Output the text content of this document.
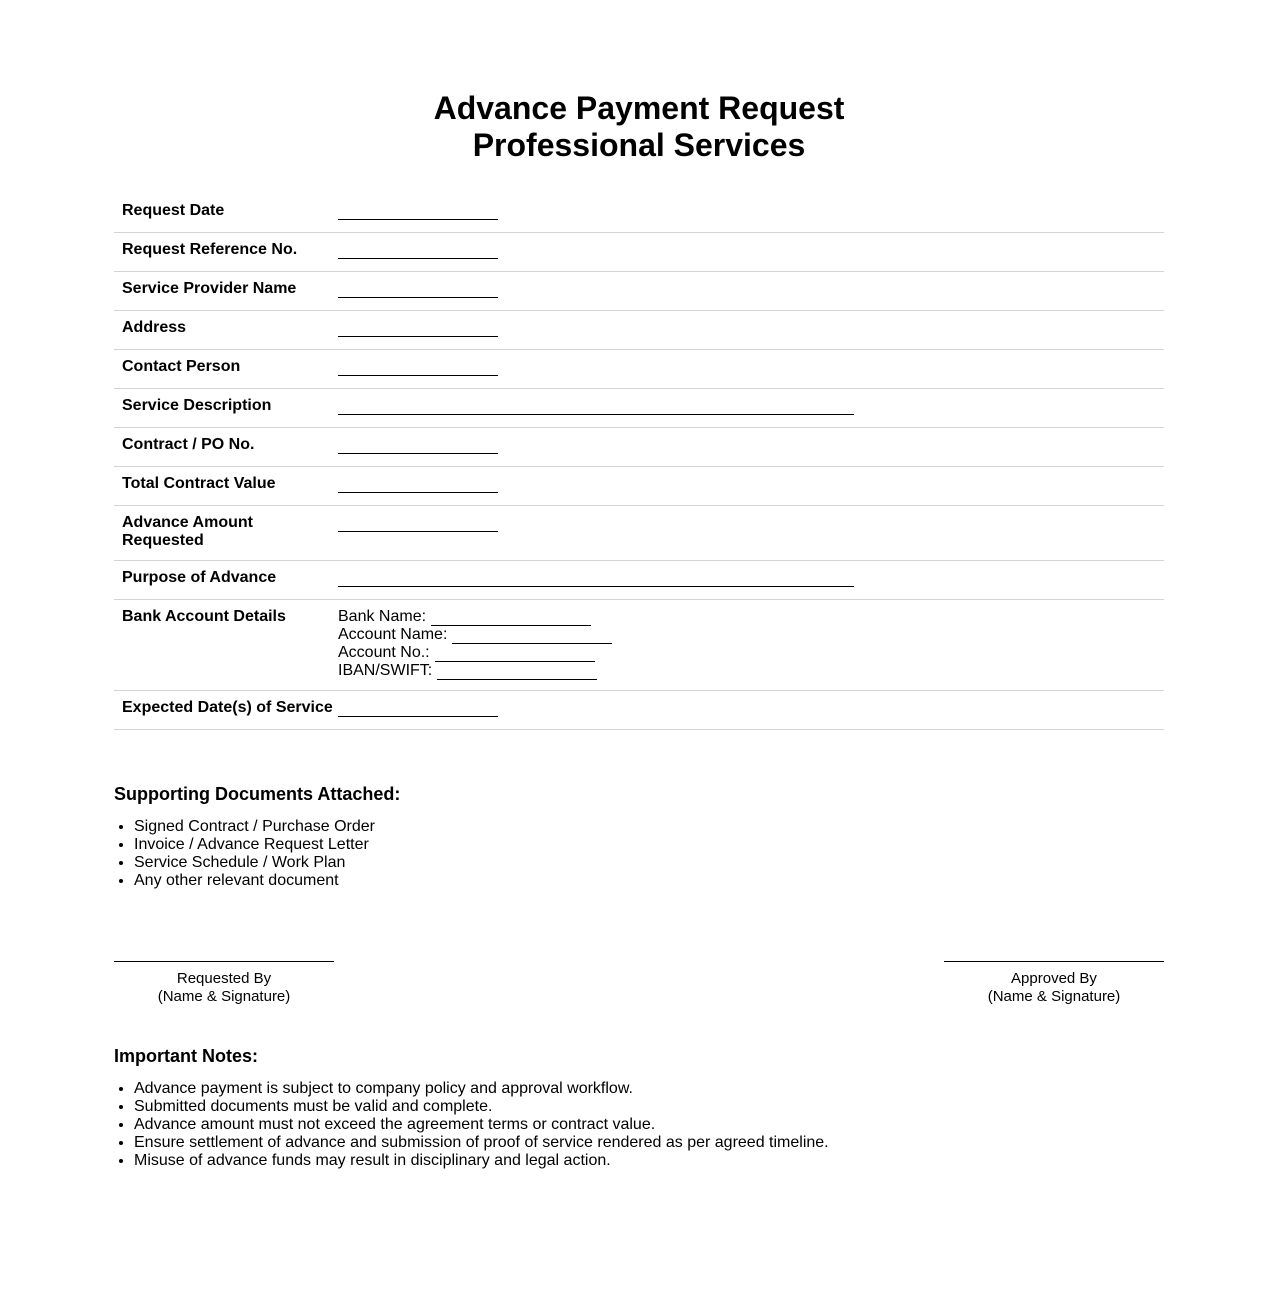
Advance Payment Request
Professional Services
Request Date
Request Reference No.
Service Provider Name
Address
Contact Person
Service Description
Contract / PO No.
Total Contract Value
Advance Amount Requested
Purpose of Advance
Bank Account Details	Bank Name:
Account Name:
Account No.:
IBAN/SWIFT:
Expected Date(s) of Service
Supporting Documents Attached:
• Signed Contract / Purchase Order
• Invoice / Advance Request Letter
• Service Schedule / Work Plan
• Any other relevant document
Requested By
(Name & Signature)
Approved By
(Name & Signature)
Important Notes:
• Advance payment is subject to company policy and approval workflow.
• Submitted documents must be valid and complete.
• Advance amount must not exceed the agreement terms or contract value.
• Ensure settlement of advance and submission of proof of service rendered as per agreed timeline.
• Misuse of advance funds may result in disciplinary and legal action.
